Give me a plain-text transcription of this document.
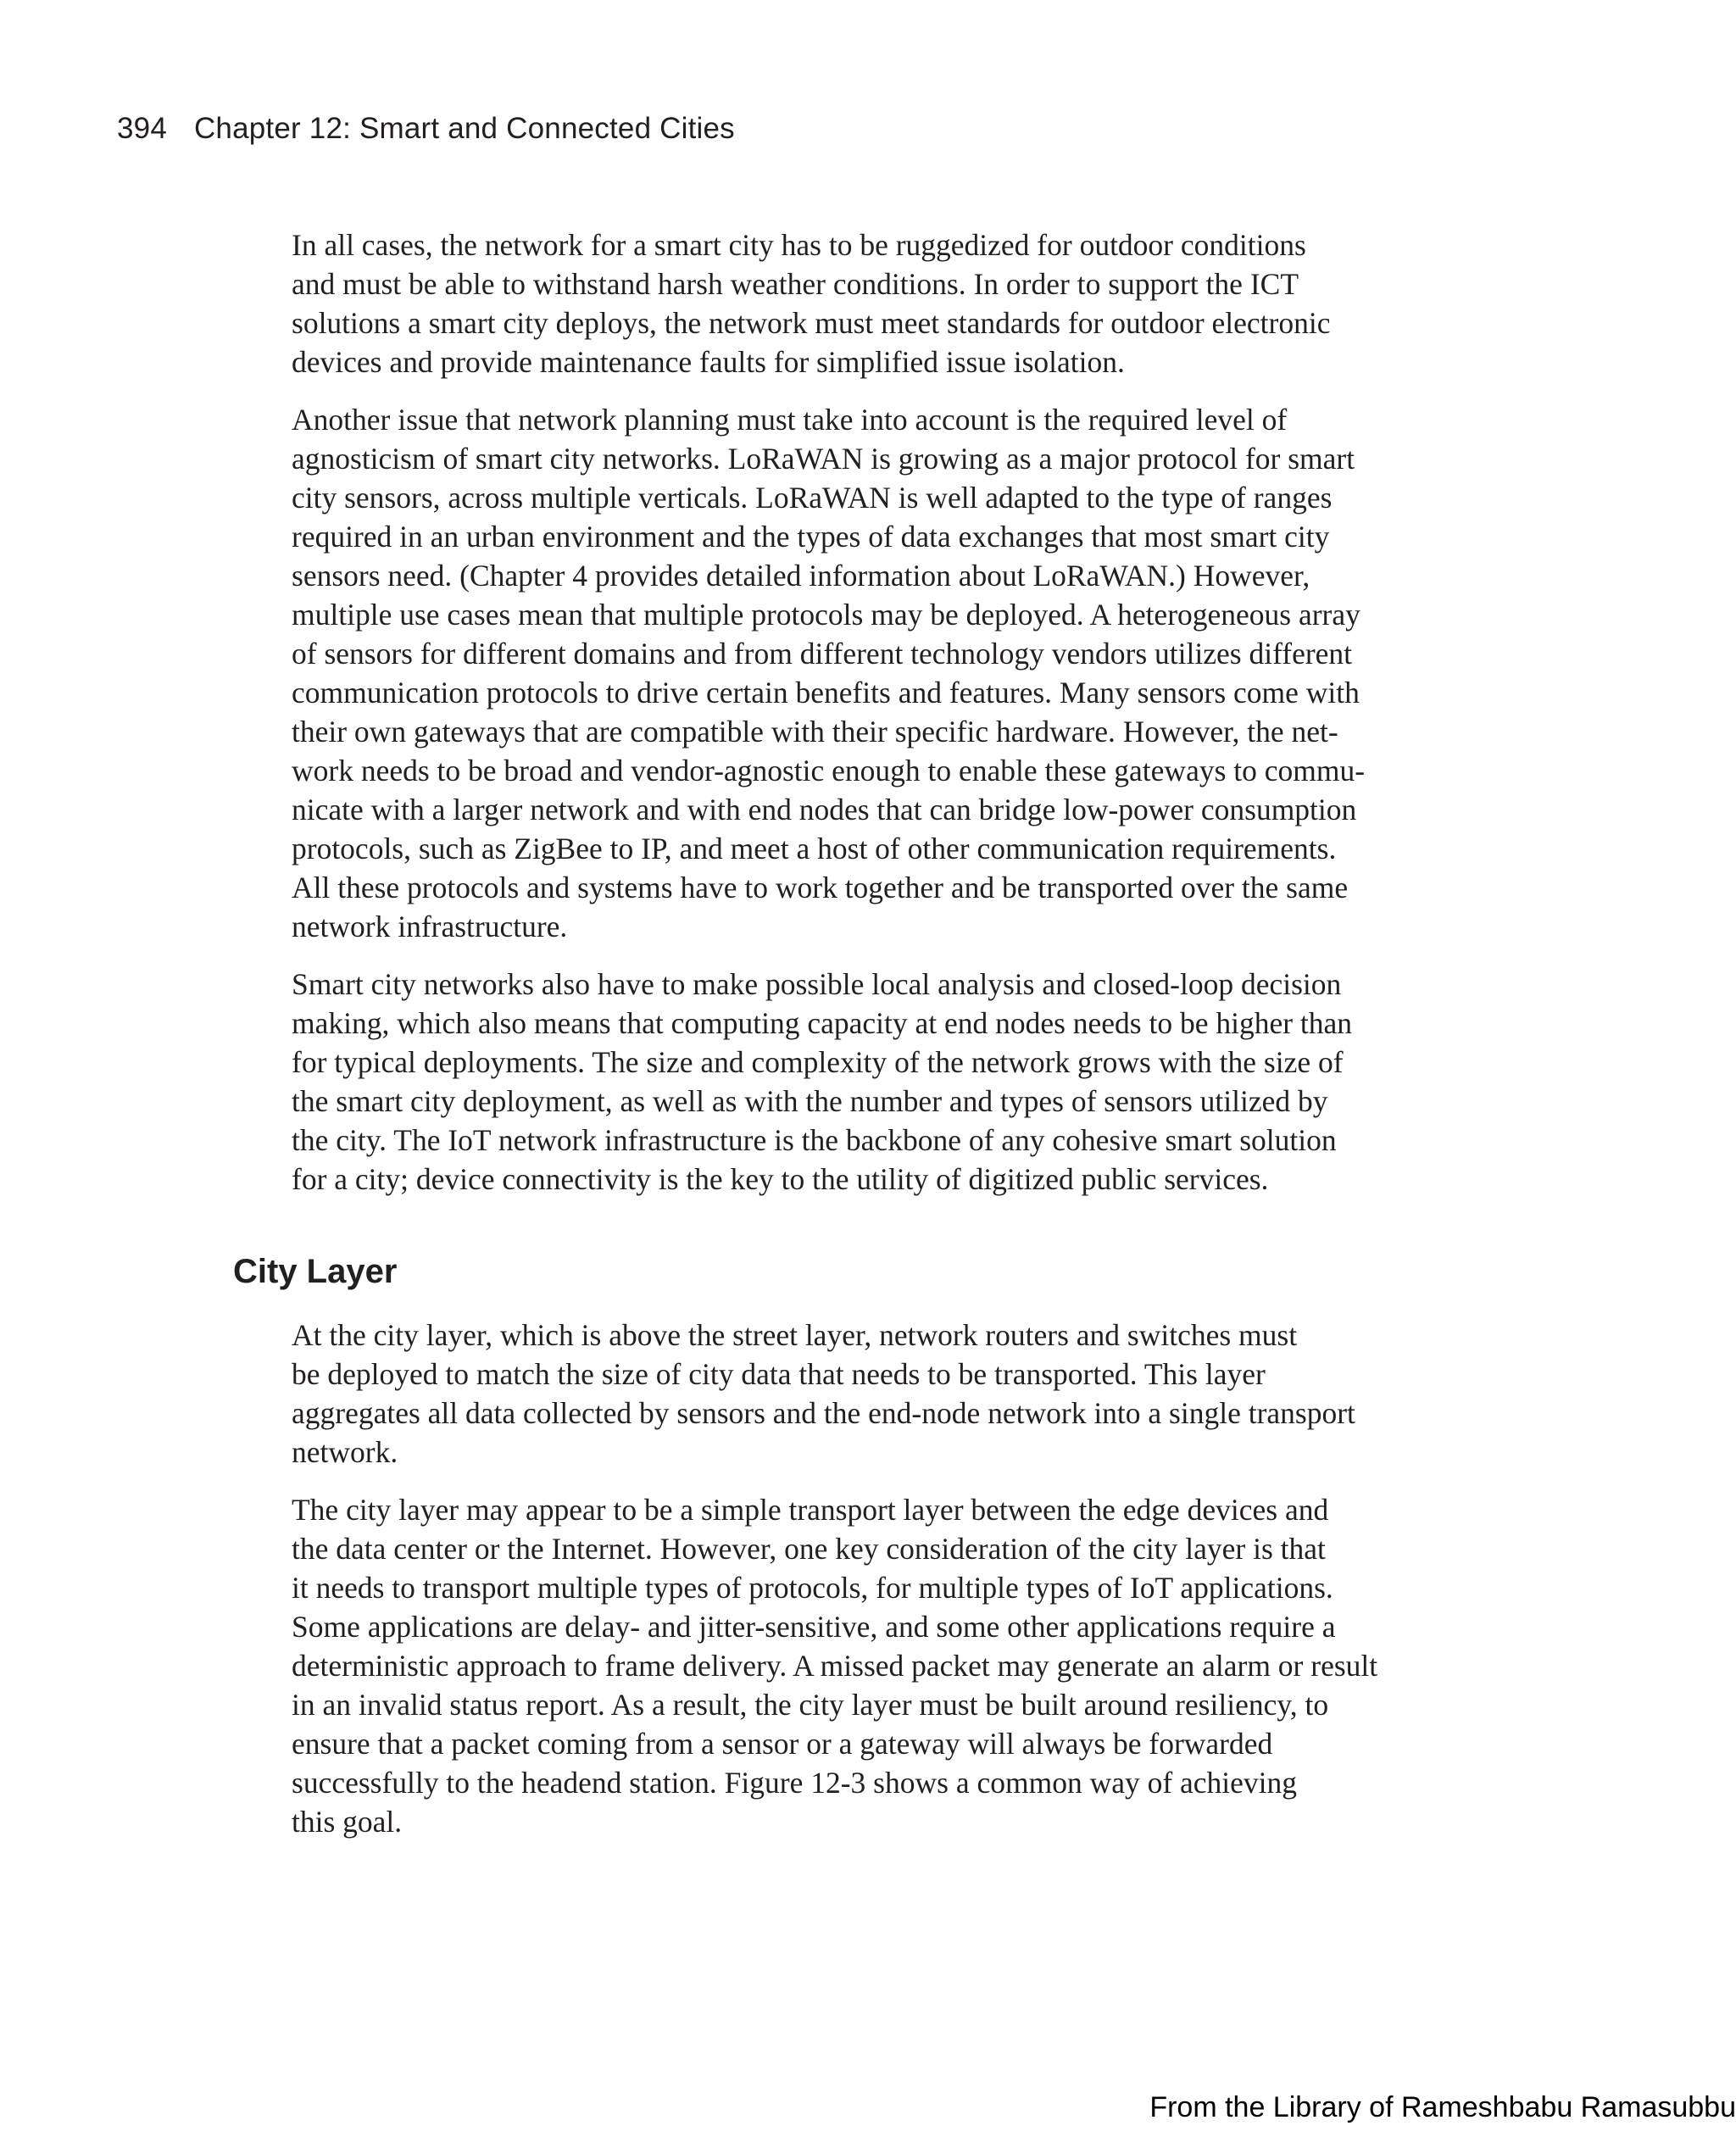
394 Chapter 12: Smart and Connected Cities

In all cases, the network for a smart city has to be ruggedized for outdoor conditions
and must be able to withstand harsh weather conditions. In order to support the ICT
solutions a smart city deploys, the network must meet standards for outdoor electronic
devices and provide maintenance faults for simplified issue isolation.

Another issue that network planning must take into account is the required level of
agnosticism of smart city networks. LoRaWAN is growing as a major protocol for smart
city sensors, across multiple verticals. LoRaWAN is well adapted to the type of ranges
required in an urban environment and the types of data exchanges that most smart city
sensors need. (Chapter 4 provides detailed information about LoRaWAN.) However,
multiple use cases mean that multiple protocols may be deployed. A heterogeneous array
of sensors for different domains and from different technology vendors utilizes different
communication protocols to drive certain benefits and features. Many sensors come with
their own gateways that are compatible with their specific hardware. However, the net-
work needs to be broad and vendor-agnostic enough to enable these gateways to commu-
nicate with a larger network and with end nodes that can bridge low-power consumption
protocols, such as ZigBee to IP, and meet a host of other communication requirements.
All these protocols and systems have to work together and be transported over the same
network infrastructure.

Smart city networks also have to make possible local analysis and closed-loop decision
making, which also means that computing capacity at end nodes needs to be higher than
for typical deployments. The size and complexity of the network grows with the size of
the smart city deployment, as well as with the number and types of sensors utilized by
the city. The IoT network infrastructure is the backbone of any cohesive smart solution
for a city; device connectivity is the key to the utility of digitized public services.

City Layer

At the city layer, which is above the street layer, network routers and switches must
be deployed to match the size of city data that needs to be transported. This layer
aggregates all data collected by sensors and the end-node network into a single transport
network.

The city layer may appear to be a simple transport layer between the edge devices and
the data center or the Internet. However, one key consideration of the city layer is that
it needs to transport multiple types of protocols, for multiple types of IoT applications.
Some applications are delay- and jitter-sensitive, and some other applications require a
deterministic approach to frame delivery. A missed packet may generate an alarm or result
in an invalid status report. As a result, the city layer must be built around resiliency, to
ensure that a packet coming from a sensor or a gateway will always be forwarded
successfully to the headend station. Figure 12-3 shows a common way of achieving
this goal.

From the Library of Rameshbabu Ramasubbu
